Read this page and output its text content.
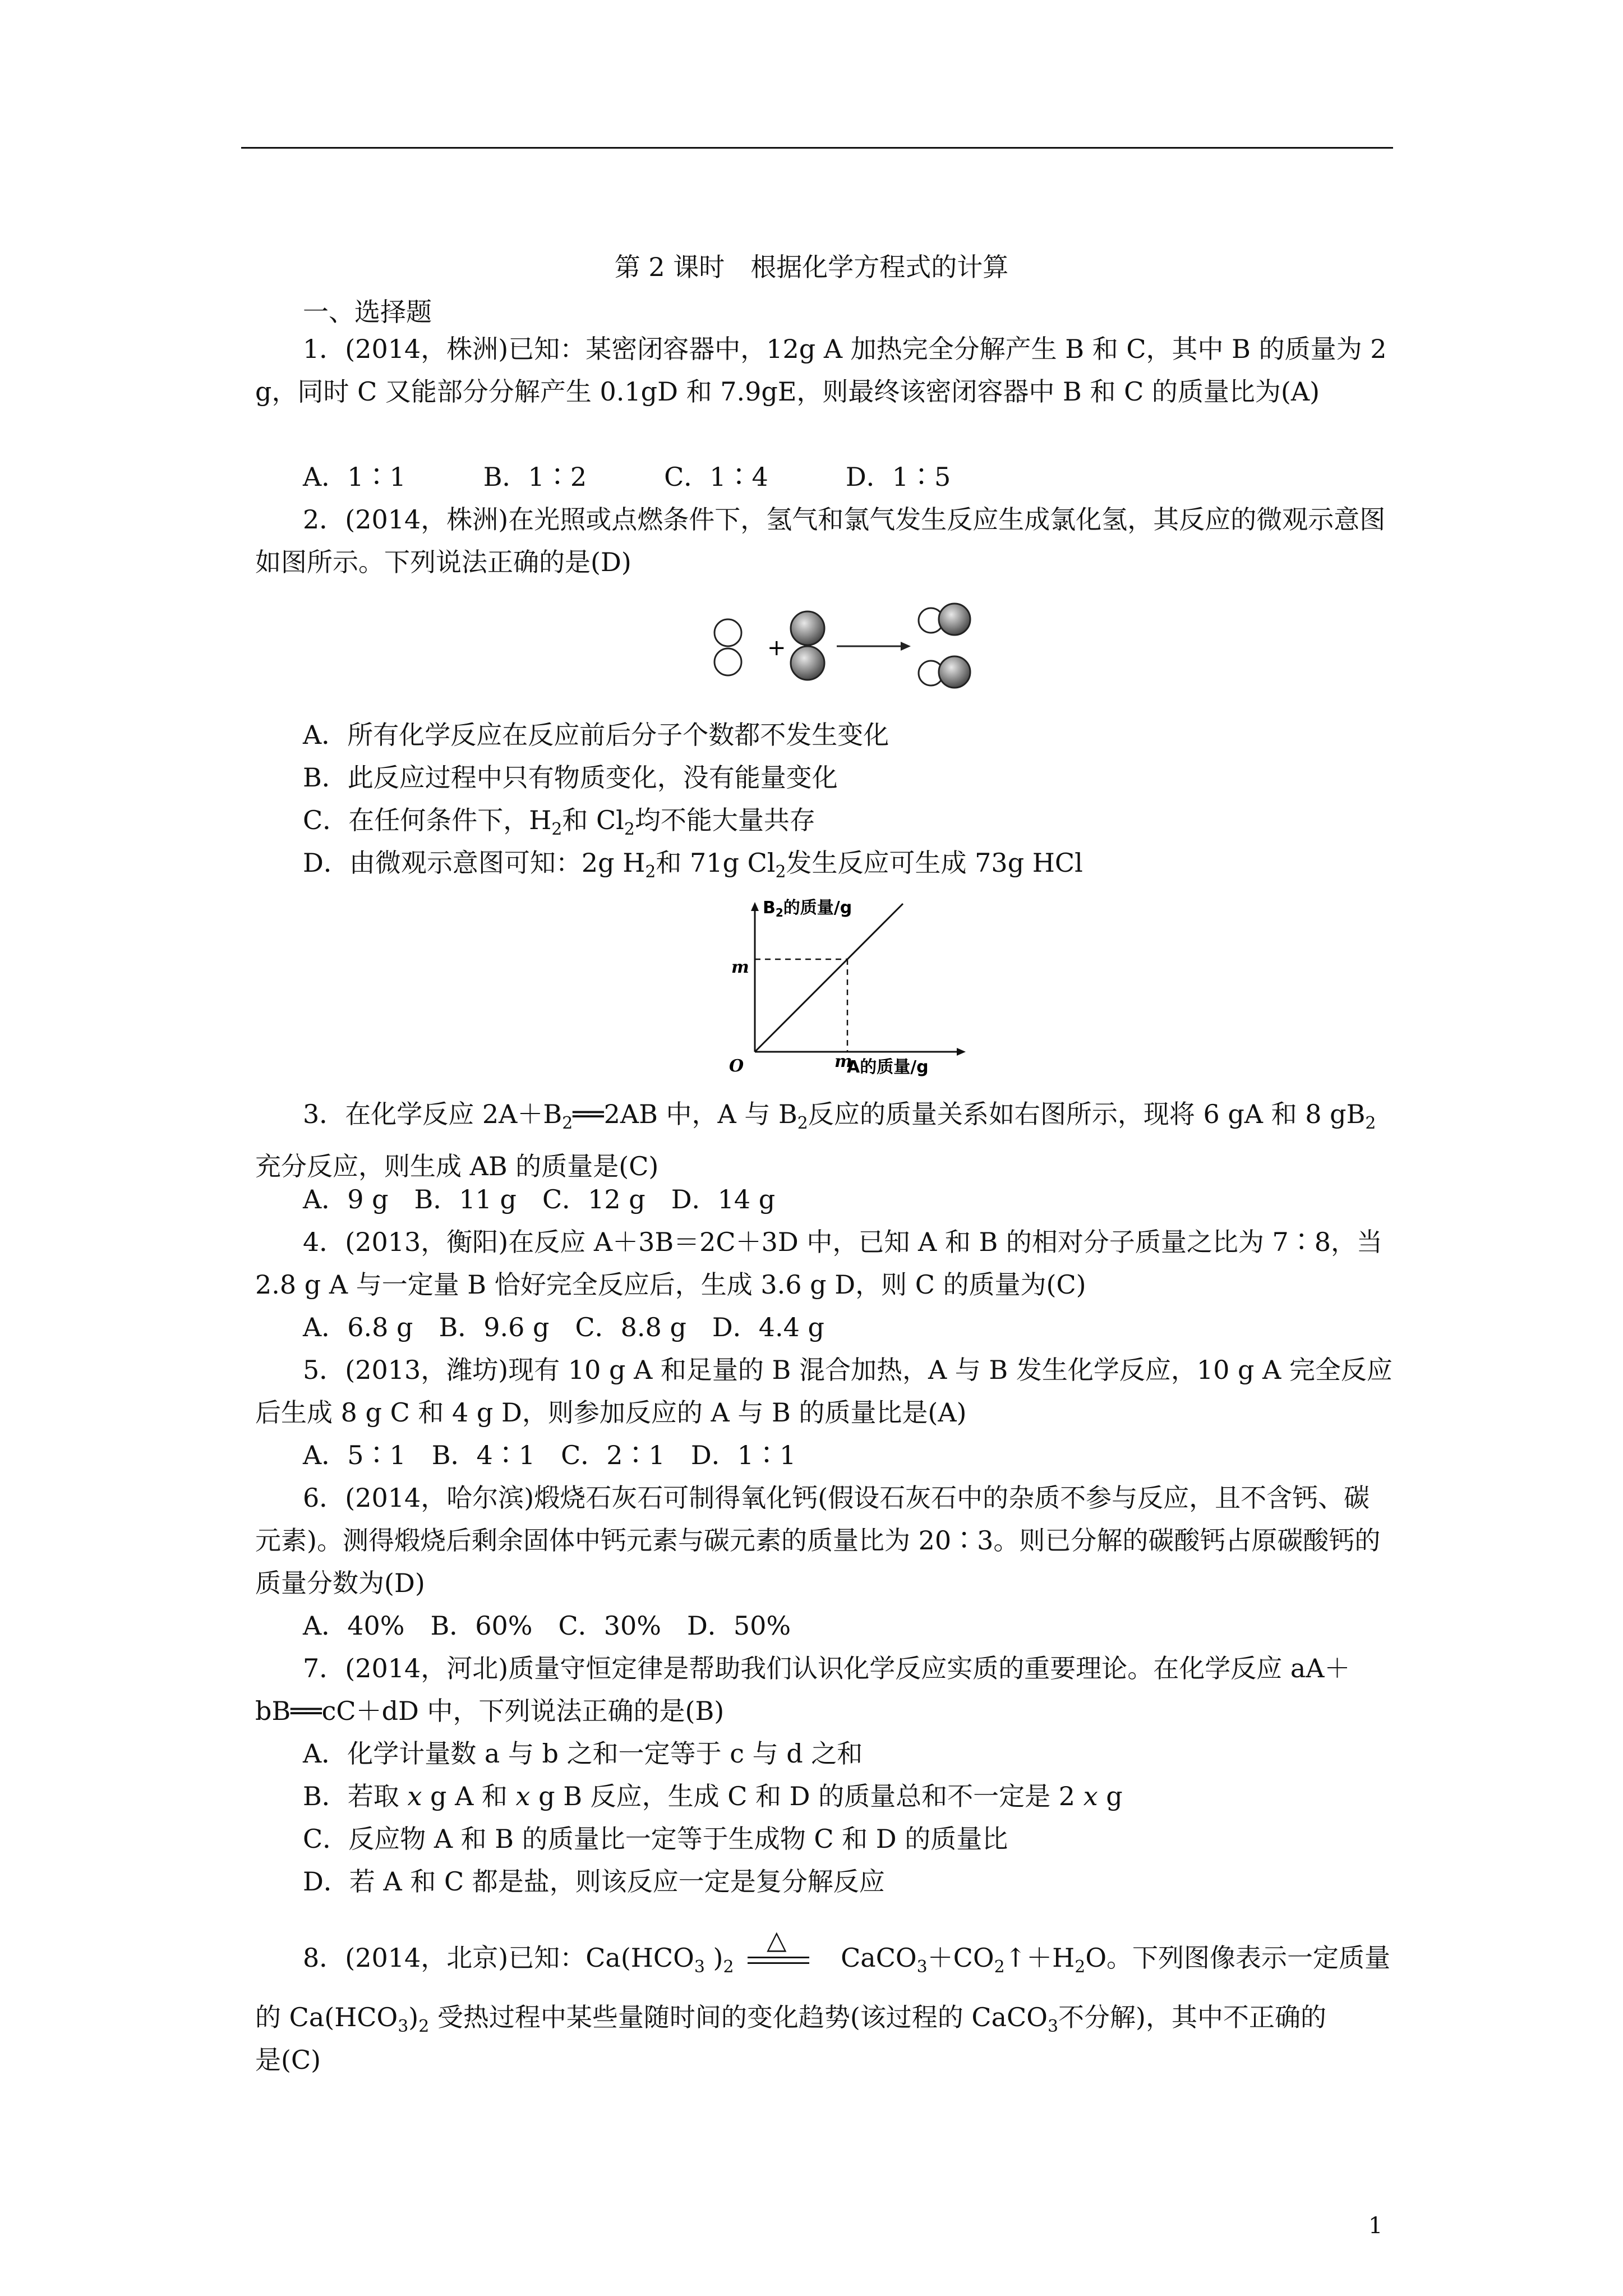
第 2 课时　根据化学方程式的计算
一、选择题

1．(2014，株洲)已知：某密闭容器中，12g A 加热完全分解产生 B 和 C，其中 B 的质量为 2 g，同时 C 又能部分分解产生 0.1gD 和 7.9gE，则最终该密闭容器中 B 和 C 的质量比为(A)

A．1∶1　　　B．1∶2　　　C．1∶4　　　D．1∶5

2．(2014，株洲)在光照或点燃条件下，氢气和氯气发生反应生成氯化氢，其反应的微观示意图如图所示。下列说法正确的是(D)

+
A．所有化学反应在反应前后分子个数都不发生变化
B．此反应过程中只有物质变化，没有能量变化
C．在任何条件下，$H_2$和 $Cl_2$均不能大量共存
D．由微观示意图可知：2g $H_2$和 71g $Cl_2$发生反应可生成 73g HCl
$B_2$的质量/g
O
m
m
A的质量/g

3．在化学反应 $2A+B_2══2AB$ 中，A 与 $B_2$反应的质量关系如右图所示，现将 6 gA 和 8 $gB_2$充分反应，则生成 AB 的质量是(C)

A．9 g　B．11 g　C．12 g　D．14 g

4．(2013，衡阳)在反应 A＋3B＝2C＋3D 中，已知 A 和 B 的相对分子质量之比为 7∶8，当 2.8 g A 与一定量 B 恰好完全反应后，生成 3.6 g D，则 C 的质量为(C)

A．6.8 g　B．9.6 g　C．8.8 g　D．4.4 g

5．(2013，潍坊)现有 10 g A 和足量的 B 混合加热，A 与 B 发生化学反应，10 g A 完全反应后生成 8 g C 和 4 g D，则参加反应的 A 与 B 的质量比是(A)

A．5∶1　B．4∶1　C．2∶1　D．1∶1

6．(2014，哈尔滨)煅烧石灰石可制得氧化钙(假设石灰石中的杂质不参与反应，且不含钙、碳元素)。测得煅烧后剩余固体中钙元素与碳元素的质量比为 20∶3。则已分解的碳酸钙占原碳酸钙的质量分数为(D)

A．40%　B．60%　C．30%　D．50%

7．(2014，河北)质量守恒定律是帮助我们认识化学反应实质的重要理论。在化学反应 aA＋bB══cC＋dD 中，下列说法正确的是(B)

A．化学计量数 a 与 b 之和一定等于 c 与 d 之和
B．若取 x g A 和 x g B 反应，生成 C 和 D 的质量总和不一定是 2 x g
C．反应物 A 和 B 的质量比一定等于生成物 C 和 D 的质量比
D．若 A 和 C 都是盐，则该反应一定是复分解反应
8．(2014，北京)已知：$Ca(HCO_3$ )$_2$
△
　$CaCO_3+CO_2↑+H_2O$。下列图像表示一定质量
的 $Ca(HCO_3)_2$ 受热过程中某些量随时间的变化趋势(该过程的 CaCO$_3$不分解)，其中不正确的
是(C)
1
